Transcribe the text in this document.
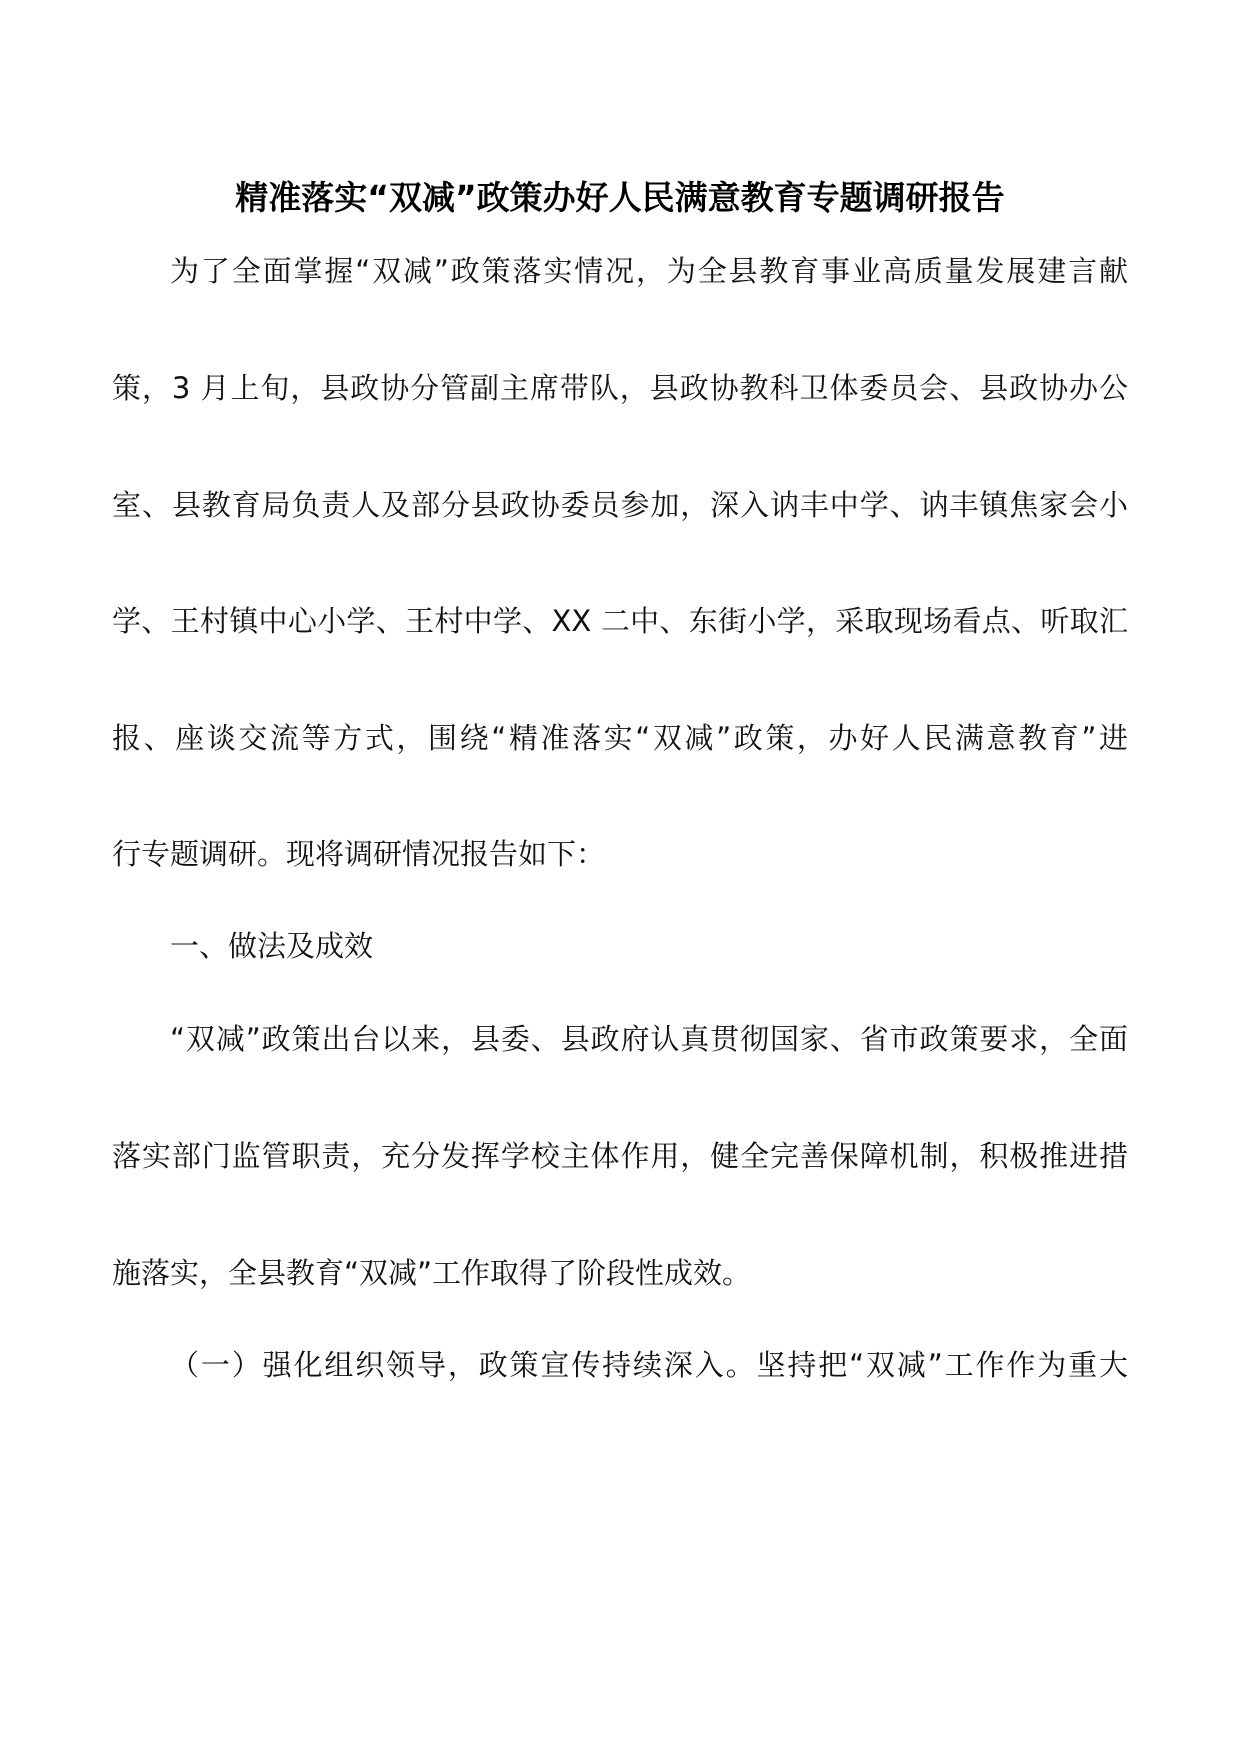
精准落实“双减”政策办好人民满意教育专题调研报告
为了全面掌握“双减”政策落实情况，为全县教育事业高质量发展建言献
策，3 月上旬，县政协分管副主席带队，县政协教科卫体委员会、县政协办公
室、县教育局负责人及部分县政协委员参加，深入讷丰中学、讷丰镇焦家会小
学、王村镇中心小学、王村中学、XX 二中、东街小学，采取现场看点、听取汇
报、座谈交流等方式，围绕“精准落实“双减”政策，办好人民满意教育”进
行专题调研。现将调研情况报告如下：
一、做法及成效
“双减”政策出台以来，县委、县政府认真贯彻国家、省市政策要求，全面
落实部门监管职责，充分发挥学校主体作用，健全完善保障机制，积极推进措
施落实，全县教育“双减”工作取得了阶段性成效。
（一）强化组织领导，政策宣传持续深入。坚持把“双减”工作作为重大
